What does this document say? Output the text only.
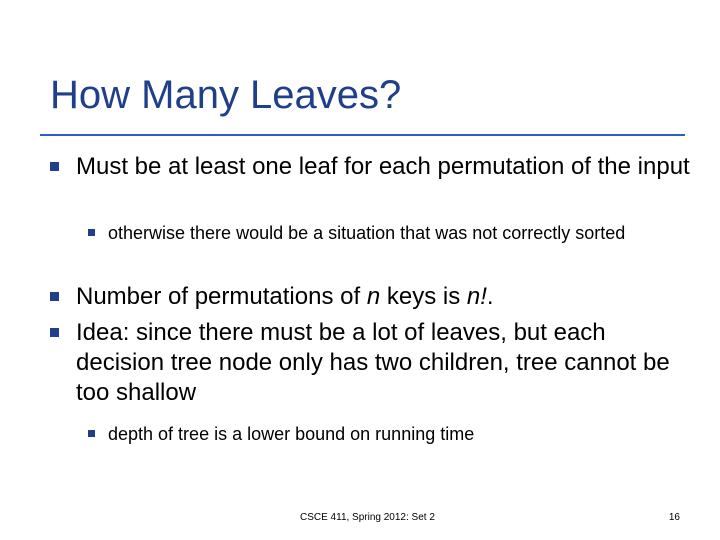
How Many Leaves?
Must be at least one leaf for each permutation of the input
otherwise there would be a situation that was not correctly sorted
Number of permutations of n keys is n!.
Idea: since there must be a lot of leaves, but each decision tree node only has two children, tree cannot be too shallow
depth of tree is a lower bound on running time
CSCE 411, Spring 2012: Set 2	16
